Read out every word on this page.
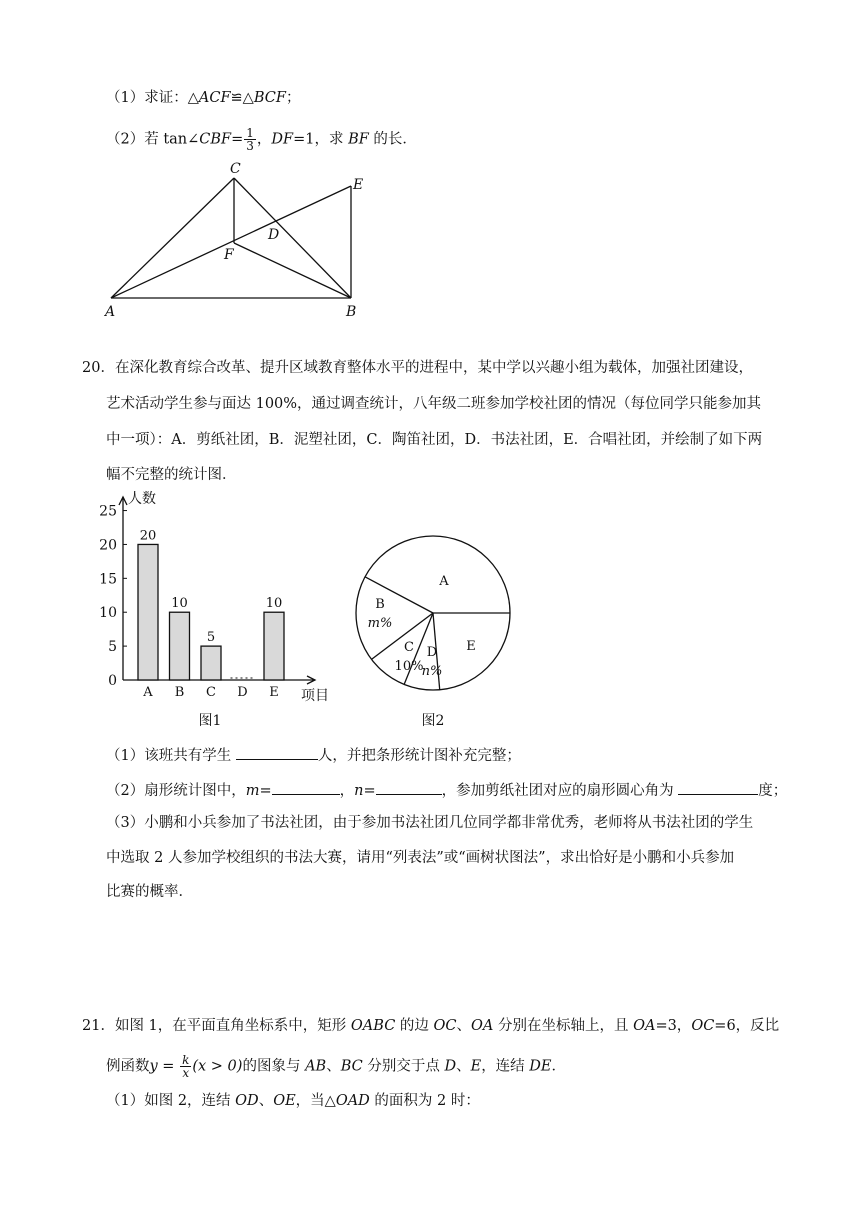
（1）求证：△ACF≌△BCF；
（2）若 tan∠CBF= $\frac{1}{3}$ ，DF=1，求 BF 的长．
A	B
C
D
E
F
20．在深化教育综合改革、提升区域教育整体水平的进程中，某中学以兴趣小组为载体，加强社团建设，
艺术活动学生参与面达 100%，通过调查统计，八年级二班参加学校社团的情况（每位同学只能参加其
中一项）：A．剪纸社团，B．泥塑社团，C．陶笛社团，D．书法社团，E．合唱社团，并绘制了如下两
幅不完整的统计图．
人数
项目
0
5
10
15
20
25
A
20
B
10
C
5
D E
10
图1
A
B
m%
C
10%
D
n%
E
图2
（1）该班共有学生	人，并把条形统计图补充完整；
（2）扇形统计图中，m=	，n=	，参加剪纸社团对应的扇形圆心角为	度；
（3）小鹏和小兵参加了书法社团，由于参加书法社团几位同学都非常优秀，老师将从书法社团的学生
中选取 2 人参加学校组织的书法大赛，请用“列表法”或“画树状图法”，求出恰好是小鹏和小兵参加
比赛的概率．
21．如图 1，在平面直角坐标系中，矩形 OABC 的边 OC、OA 分别在坐标轴上，且 OA=3，OC=6，反比
例函数$y = \frac{k}{x} (x > 0)$的图象与 AB、BC 分别交于点 D、E，连结 DE．
（1）如图 2，连结 OD、OE，当△OAD 的面积为 2 时：
